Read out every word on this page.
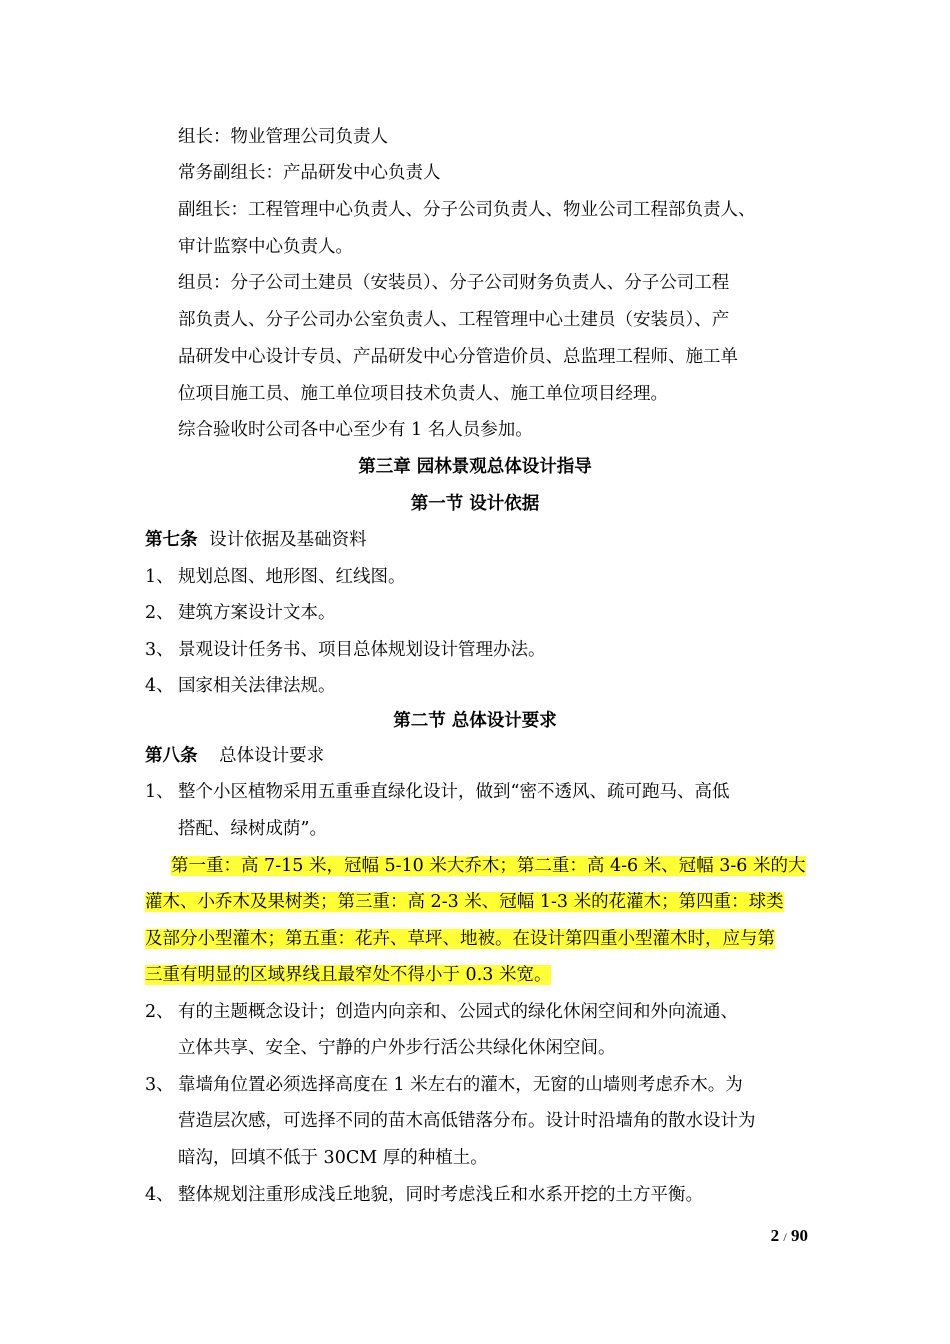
组长：物业管理公司负责人
常务副组长：产品研发中心负责人
副组长：工程管理中心负责人、分子公司负责人、物业公司工程部负责人、
审计监察中心负责人。
组员：分子公司土建员（安装员）、分子公司财务负责人、分子公司工程
部负责人、分子公司办公室负责人、工程管理中心土建员（安装员）、产
品研发中心设计专员、产品研发中心分管造价员、总监理工程师、施工单
位项目施工员、施工单位项目技术负责人、施工单位项目经理。
综合验收时公司各中心至少有 1 名人员参加。
第三章 园林景观总体设计指导
第一节 设计依据
第七条 设计依据及基础资料
1、 规划总图、地形图、红线图。
2、 建筑方案设计文本。
3、 景观设计任务书、项目总体规划设计管理办法。
4、 国家相关法律法规。
第二节 总体设计要求
第八条 总体设计要求
1、 整个小区植物采用五重垂直绿化设计，做到“密不透风、疏可跑马、高低
搭配、绿树成荫”。
第一重：高 7-15 米，冠幅 5-10 米大乔木；第二重：高 4-6 米、冠幅 3-6 米的大
灌木、小乔木及果树类；第三重：高 2-3 米、冠幅 1-3 米的花灌木；第四重：球类
及部分小型灌木；第五重：花卉、草坪、地被。在设计第四重小型灌木时，应与第
三重有明显的区域界线且最窄处不得小于 0.3 米宽。
2、 有的主题概念设计；创造内向亲和、公园式的绿化休闲空间和外向流通、
立体共享、安全、宁静的户外步行活公共绿化休闲空间。
3、 靠墙角位置必须选择高度在 1 米左右的灌木，无窗的山墙则考虑乔木。为
营造层次感，可选择不同的苗木高低错落分布。设计时沿墙角的散水设计为
暗沟，回填不低于 30CM 厚的种植土。
4、 整体规划注重形成浅丘地貌，同时考虑浅丘和水系开挖的土方平衡。
2 / 90
